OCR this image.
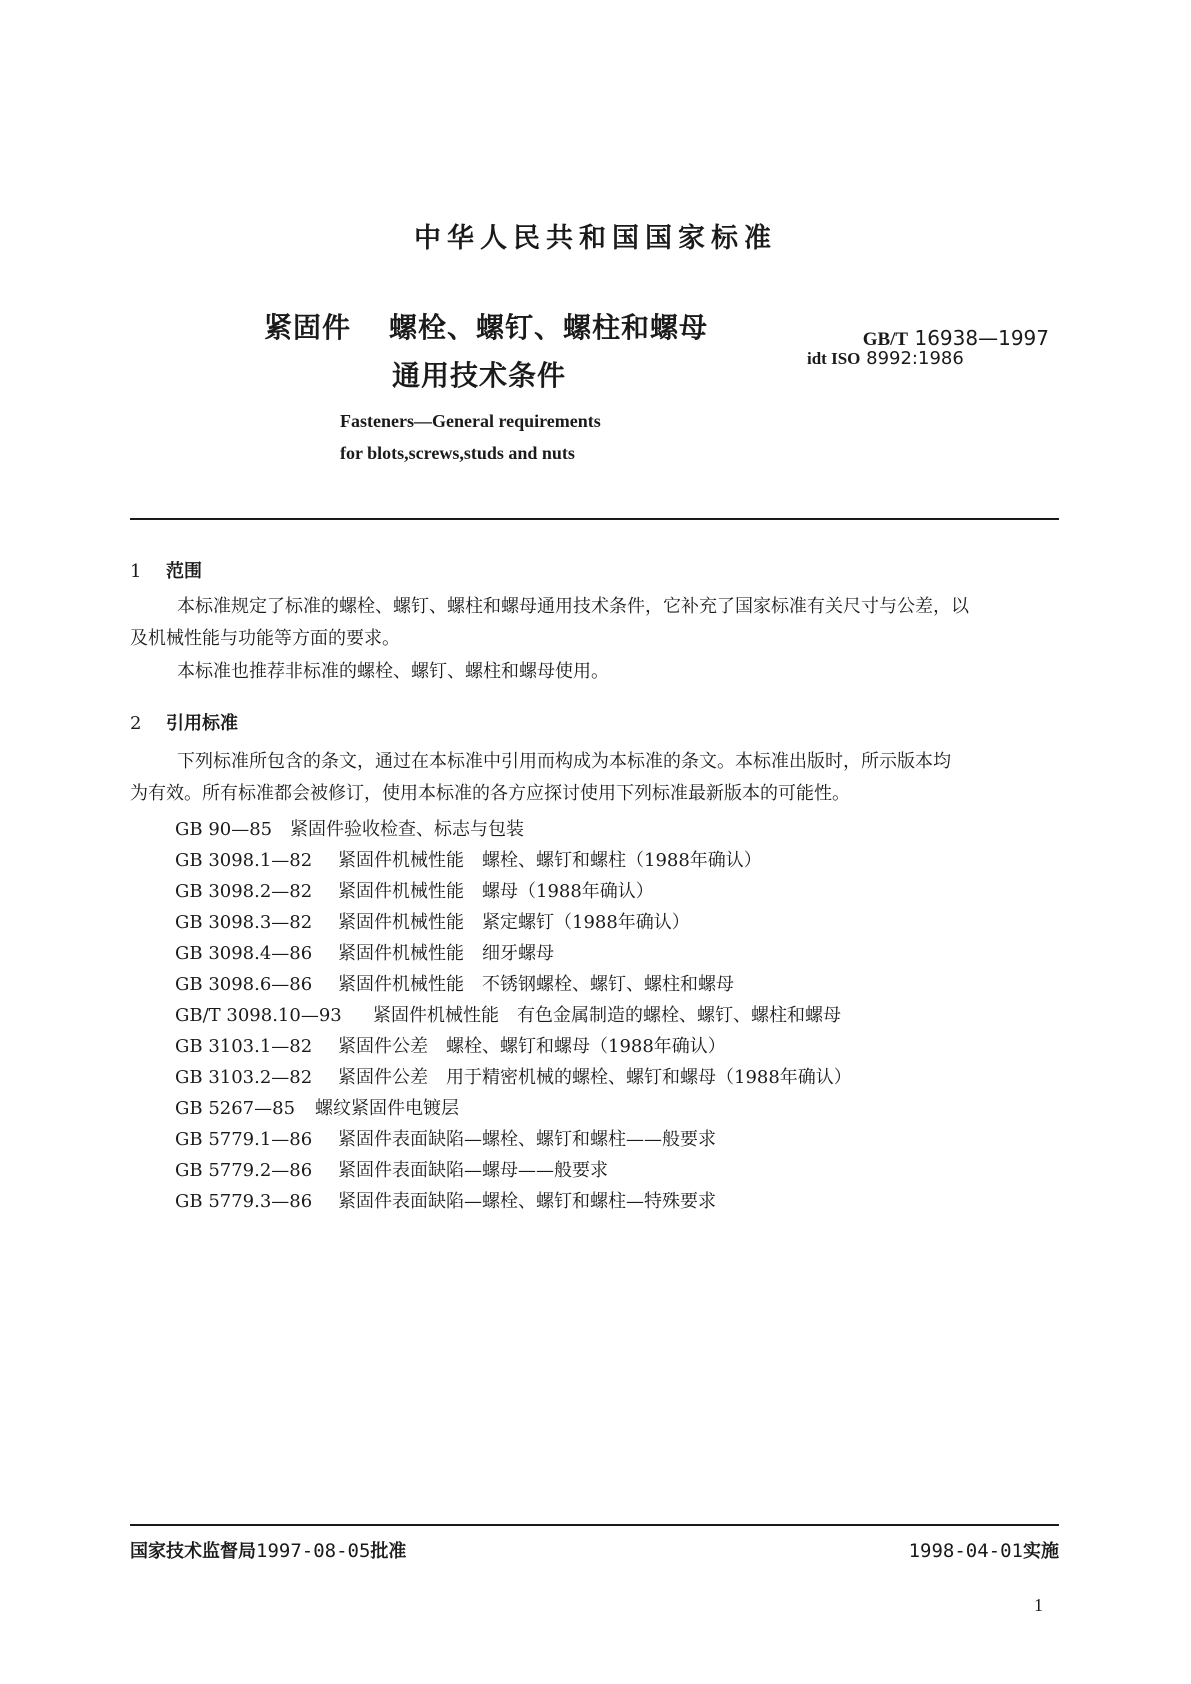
中华人民共和国国家标准
紧固件 螺栓、螺钉、螺柱和螺母
通用技术条件
GB/T 16938—1997
idt ISO 8992:1986
Fasteners—General requirements
for blots,screws,studs and nuts
1 范围
本标准规定了标准的螺栓、螺钉、螺柱和螺母通用技术条件，它补充了国家标准有关尺寸与公差，以
及机械性能与功能等方面的要求。
本标准也推荐非标准的螺栓、螺钉、螺柱和螺母使用。
2 引用标准
下列标准所包含的条文，通过在本标准中引用而构成为本标准的条文。本标准出版时，所示版本均
为有效。所有标准都会被修订，使用本标准的各方应探讨使用下列标准最新版本的可能性。
GB 90—85 紧固件验收检查、标志与包装
GB 3098.1—82 紧固件机械性能　螺栓、螺钉和螺柱（1988年确认）
GB 3098.2—82 紧固件机械性能　螺母（1988年确认）
GB 3098.3—82 紧固件机械性能　紧定螺钉（1988年确认）
GB 3098.4—86 紧固件机械性能　细牙螺母
GB 3098.6—86 紧固件机械性能　不锈钢螺栓、螺钉、螺柱和螺母
GB/T 3098.10—93 紧固件机械性能　有色金属制造的螺栓、螺钉、螺柱和螺母
GB 3103.1—82 紧固件公差　螺栓、螺钉和螺母（1988年确认）
GB 3103.2—82 紧固件公差　用于精密机械的螺栓、螺钉和螺母（1988年确认）
GB 5267—85 螺纹紧固件电镀层
GB 5779.1—86 紧固件表面缺陷—螺栓、螺钉和螺柱——般要求
GB 5779.2—86 紧固件表面缺陷—螺母——般要求
GB 5779.3—86 紧固件表面缺陷—螺栓、螺钉和螺柱—特殊要求
国家技术监督局1997-08-05批准	1998-04-01实施
1
